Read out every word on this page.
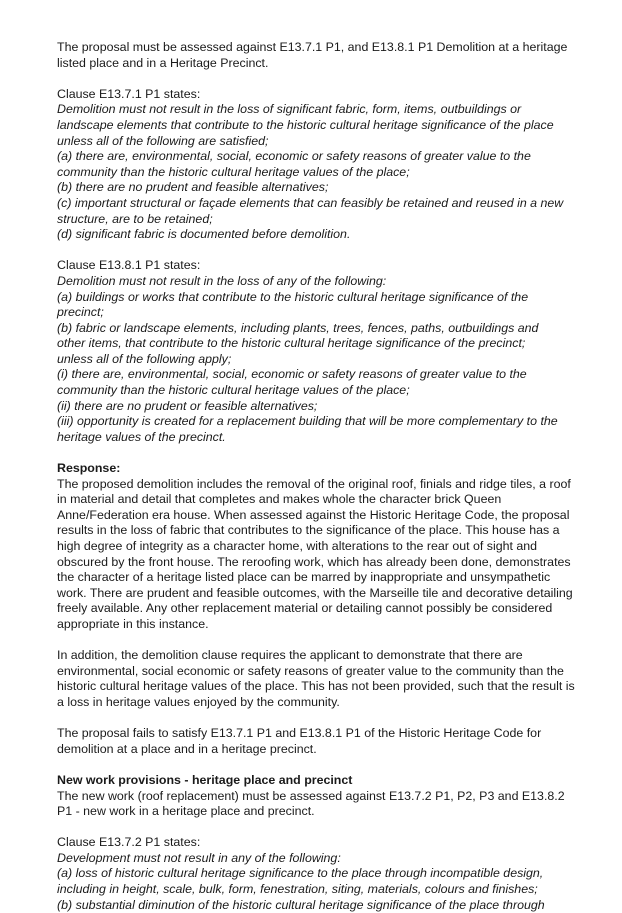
The proposal must be assessed against E13.7.1 P1, and E13.8.1 P1 Demolition at a heritage
listed place and in a Heritage Precinct.
Clause E13.7.1 P1 states:
Demolition must not result in the loss of significant fabric, form, items, outbuildings or
landscape elements that contribute to the historic cultural heritage significance of the place
unless all of the following are satisfied;
(a) there are, environmental, social, economic or safety reasons of greater value to the
community than the historic cultural heritage values of the place;
(b) there are no prudent and feasible alternatives;
(c) important structural or façade elements that can feasibly be retained and reused in a new
structure, are to be retained;
(d) significant fabric is documented before demolition.
Clause E13.8.1 P1 states:
Demolition must not result in the loss of any of the following:
(a) buildings or works that contribute to the historic cultural heritage significance of the
precinct;
(b) fabric or landscape elements, including plants, trees, fences, paths, outbuildings and
other items, that contribute to the historic cultural heritage significance of the precinct;
unless all of the following apply;
(i) there are, environmental, social, economic or safety reasons of greater value to the
community than the historic cultural heritage values of the place;
(ii) there are no prudent or feasible alternatives;
(iii) opportunity is created for a replacement building that will be more complementary to the
heritage values of the precinct.
Response:
The proposed demolition includes the removal of the original roof, finials and ridge tiles, a roof
in material and detail that completes and makes whole the character brick Queen
Anne/Federation era house. When assessed against the Historic Heritage Code, the proposal
results in the loss of fabric that contributes to the significance of the place. This house has a
high degree of integrity as a character home, with alterations to the rear out of sight and
obscured by the front house. The reroofing work, which has already been done, demonstrates
the character of a heritage listed place can be marred by inappropriate and unsympathetic
work. There are prudent and feasible outcomes, with the Marseille tile and decorative detailing
freely available. Any other replacement material or detailing cannot possibly be considered
appropriate in this instance.
In addition, the demolition clause requires the applicant to demonstrate that there are
environmental, social economic or safety reasons of greater value to the community than the
historic cultural heritage values of the place. This has not been provided, such that the result is
a loss in heritage values enjoyed by the community.
The proposal fails to satisfy E13.7.1 P1 and E13.8.1 P1 of the Historic Heritage Code for
demolition at a place and in a heritage precinct.
New work provisions - heritage place and precinct
The new work (roof replacement) must be assessed against E13.7.2 P1, P2, P3 and E13.8.2
P1 - new work in a heritage place and precinct.
Clause E13.7.2 P1 states:
Development must not result in any of the following:
(a) loss of historic cultural heritage significance to the place through incompatible design,
including in height, scale, bulk, form, fenestration, siting, materials, colours and finishes;
(b) substantial diminution of the historic cultural heritage significance of the place through
